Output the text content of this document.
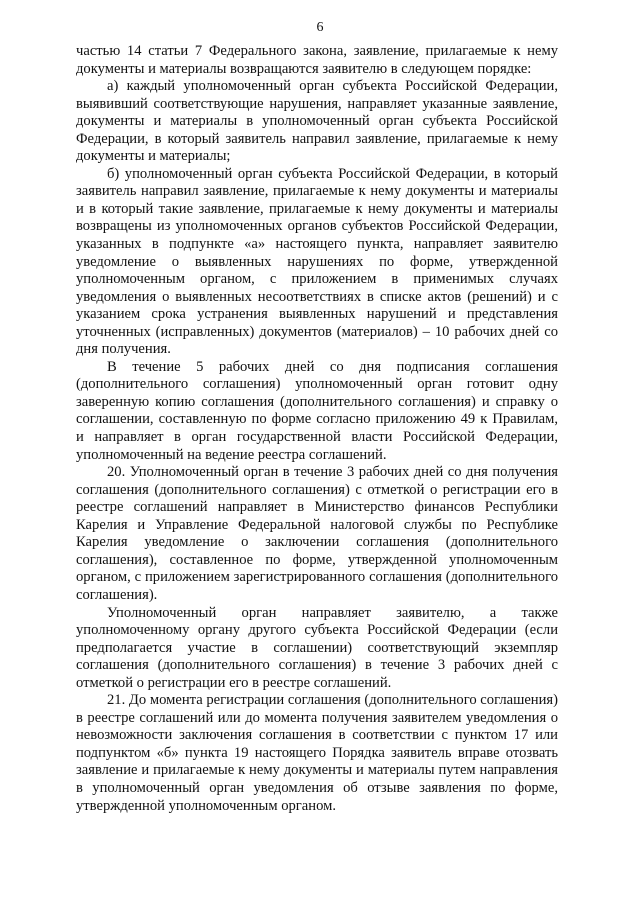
6

частью 14 статьи 7 Федерального закона, заявление, прилагаемые к нему документы и материалы возвращаются заявителю в следующем порядке:

а) каждый уполномоченный орган субъекта Российской Федерации, выявивший соответствующие нарушения, направляет указанные заявление, документы и материалы в уполномоченный орган субъекта Российской Федерации, в который заявитель направил заявление, прилагаемые к нему документы и материалы;

б) уполномоченный орган субъекта Российской Федерации, в который заявитель направил заявление, прилагаемые к нему документы и материалы и в который такие заявление, прилагаемые к нему документы и материалы возвращены из уполномоченных органов субъектов Российской Федерации, указанных в подпункте «а» настоящего пункта, направляет заявителю уведомление о выявленных нарушениях по форме, утвержденной уполномоченным органом, с приложением в применимых случаях уведомления о выявленных несоответствиях в списке актов (решений) и с указанием срока устранения выявленных нарушений и представления уточненных (исправленных) документов (материалов) – 10 рабочих дней со дня получения.

В течение 5 рабочих дней со дня подписания соглашения (дополнительного соглашения) уполномоченный орган готовит одну заверенную копию соглашения (дополнительного соглашения) и справку о соглашении, составленную по форме согласно приложению 49 к Правилам, и направляет в орган государственной власти Российской Федерации, уполномоченный на ведение реестра соглашений.

20. Уполномоченный орган в течение 3 рабочих дней со дня получения соглашения (дополнительного соглашения) с отметкой о регистрации его в реестре соглашений направляет в Министерство финансов Республики Карелия и Управление Федеральной налоговой службы по Республике Карелия уведомление о заключении соглашения (дополнительного соглашения), составленное по форме, утвержденной уполномоченным органом, с приложением зарегистрированного соглашения (дополнительного соглашения).

Уполномоченный орган направляет заявителю, а также уполномоченному органу другого субъекта Российской Федерации (если предполагается участие в соглашении) соответствующий экземпляр соглашения (дополнительного соглашения) в течение 3 рабочих дней с отметкой о регистрации его в реестре соглашений.

21. До момента регистрации соглашения (дополнительного соглашения) в реестре соглашений или до момента получения заявителем уведомления о невозможности заключения соглашения в соответствии с пунктом 17 или подпунктом «б» пункта 19 настоящего Порядка заявитель вправе отозвать заявление и прилагаемые к нему документы и материалы путем направления в уполномоченный орган уведомления об отзыве заявления по форме, утвержденной уполномоченным органом.
